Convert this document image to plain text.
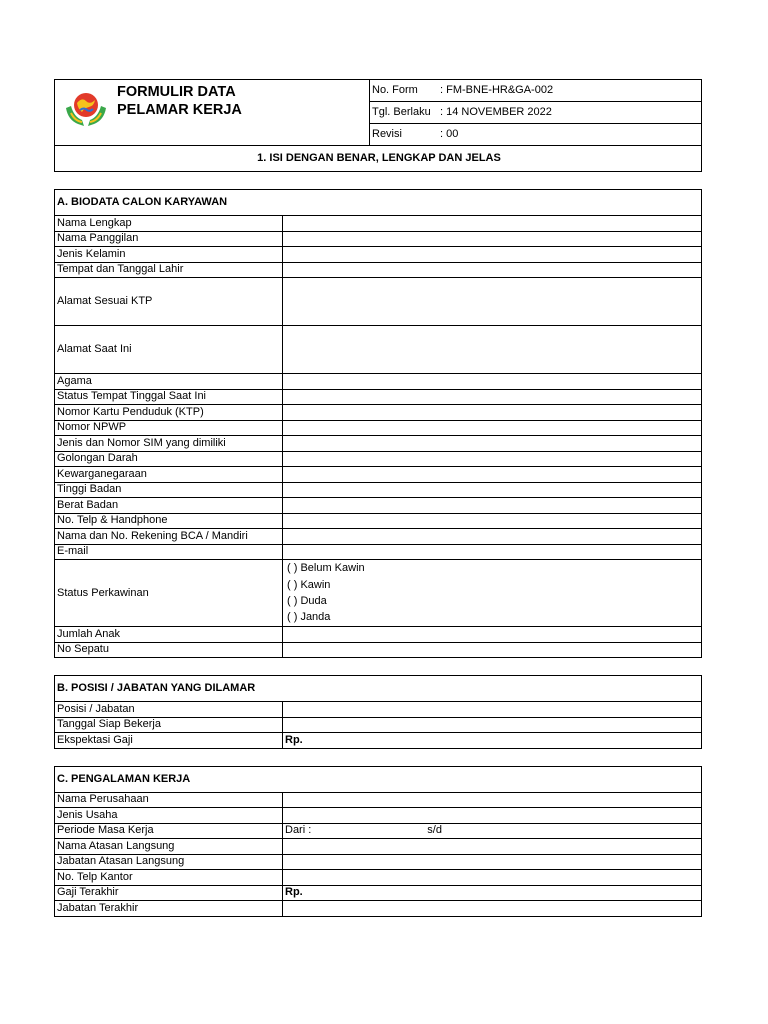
FORMULIR DATA
PELAMAR KERJA
	No. Form : FM-BNE-HR&GA-002
Tgl. Berlaku : 14 NOVEMBER 2022
Revisi	: 00
1. ISI DENGAN BENAR, LENGKAP DAN JELAS
A. BIODATA CALON KARYAWAN	
Nama Lengkap	
Nama Panggilan	
Jenis Kelamin	
Tempat dan Tanggal Lahir	
Alamat Sesuai KTP	
Alamat Saat Ini	
Agama	
Status Tempat Tinggal Saat Ini	
Nomor Kartu Penduduk (KTP)	
Nomor NPWP	
Jenis dan Nomor SIM yang dimiliki	
Golongan Darah	
Kewarganegaraan	
Tinggi Badan	
Berat Badan	
No. Telp & Handphone	
Nama dan No. Rekening BCA / Mandiri	
E-mail	
Status Perkawinan	( ) Belum Kawin
( ) Kawin
( ) Duda
( ) Janda

Jumlah Anak	
No Sepatu	
B. POSISI / JABATAN YANG DILAMAR	
Posisi / Jabatan	
Tanggal Siap Bekerja	
Ekspektasi Gaji	Rp.
C. PENGALAMAN KERJA	
Nama Perusahaan	
Jenis Usaha	
Periode Masa Kerja	Dari : s/d
Nama Atasan Langsung	
Jabatan Atasan Langsung	
No. Telp Kantor	
Gaji Terakhir	Rp.
Jabatan Terakhir	
